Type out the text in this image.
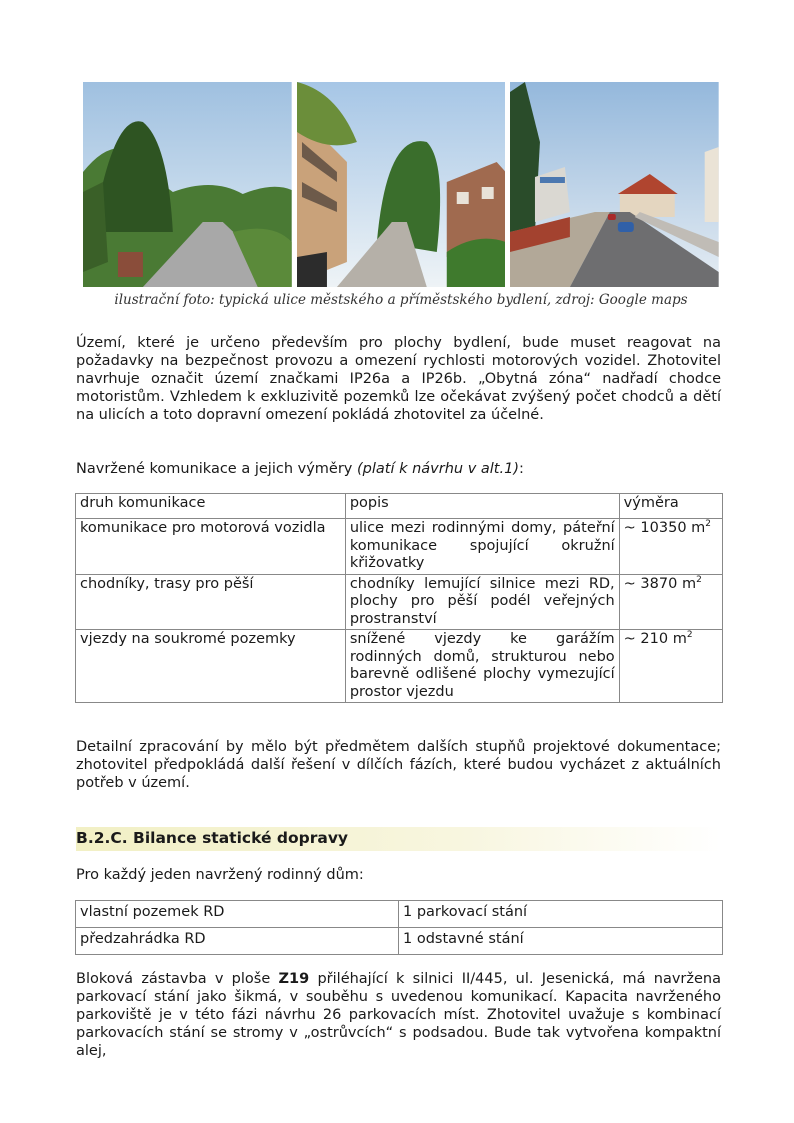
ilustrační foto: typická ulice městského a příměstského bydlení, zdroj: Google maps

Území, které je určeno především pro plochy bydlení, bude muset reagovat na požadavky na bezpečnost provozu a omezení rychlosti motorových vozidel. Zhotovitel navrhuje označit území značkami IP26a a IP26b. „Obytná zóna“ nadřadí chodce motoristům. Vzhledem k exkluzivitě pozemků lze očekávat zvýšený počet chodců a dětí na ulicích a toto dopravní omezení pokládá zhotovitel za účelné.

Navržené komunikace a jejich výměry (platí k návrhu v alt.1):

druh komunikace	popis	výměra
komunikace pro motorová vozidla	ulice mezi rodinnými domy, páteřní komunikace spojující okružní křižovatky	~ 10350 $m^2$
chodníky, trasy pro pěší	chodníky lemující silnice mezi RD, plochy pro pěší podél veřejných prostranství	~ 3870 $m^2$
vjezdy na soukromé pozemky	snížené vjezdy ke garážím rodinných domů, strukturou nebo barevně odlišené plochy vymezující prostor vjezdu	~ 210 $m^2$

Detailní zpracování by mělo být předmětem dalších stupňů projektové dokumentace; zhotovitel předpokládá další řešení v dílčích fázích, které budou vycházet z aktuálních potřeb v území.

B.2.C. Bilance statické dopravy

Pro každý jeden navržený rodinný dům:

vlastní pozemek RD	1 parkovací stání
předzahrádka RD	1 odstavné stání

Bloková zástavba v ploše Z19 přiléhající k silnici II/445, ul. Jesenická, má navržena parkovací stání jako šikmá, v souběhu s uvedenou komunikací. Kapacita navrženého parkoviště je v této fázi návrhu 26 parkovacích míst. Zhotovitel uvažuje s kombinací parkovacích stání se stromy v „ostrůvcích“ s podsadou. Bude tak vytvořena kompaktní alej,
